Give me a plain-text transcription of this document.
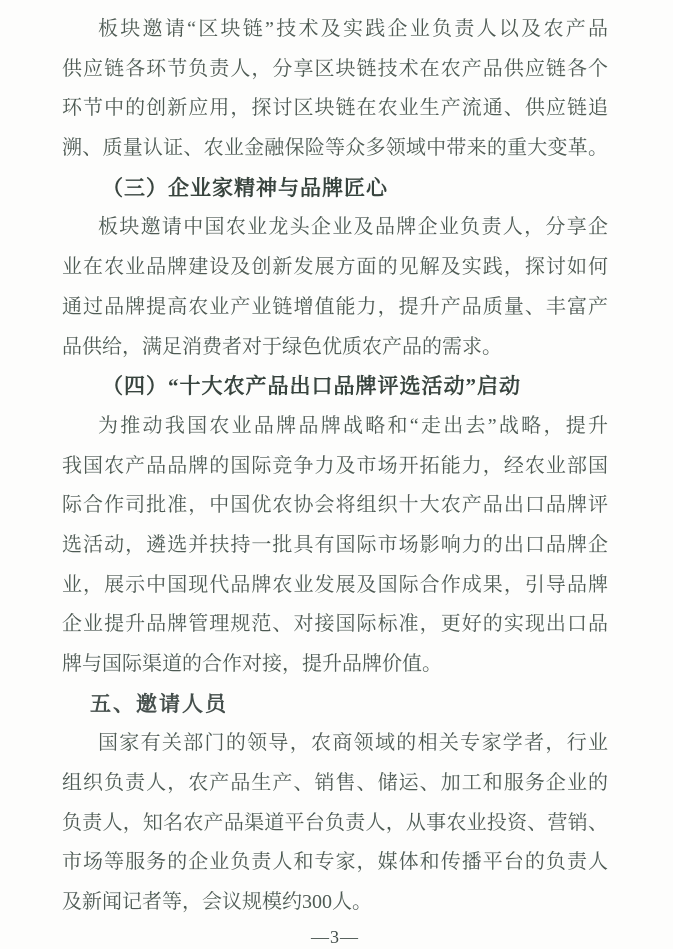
板块邀请“区块链”技术及实践企业负责人以及农产品

供应链各环节负责人，分享区块链技术在农产品供应链各个

环节中的创新应用，探讨区块链在农业生产流通、供应链追

溯、质量认证、农业金融保险等众多领域中带来的重大变革。

（三）企业家精神与品牌匠心

板块邀请中国农业龙头企业及品牌企业负责人，分享企

业在农业品牌建设及创新发展方面的见解及实践，探讨如何

通过品牌提高农业产业链增值能力，提升产品质量、丰富产

品供给，满足消费者对于绿色优质农产品的需求。

（四）“十大农产品出口品牌评选活动”启动

为推动我国农业品牌品牌战略和“走出去”战略，提升

我国农产品品牌的国际竞争力及市场开拓能力，经农业部国

际合作司批准，中国优农协会将组织十大农产品出口品牌评

选活动，遴选并扶持一批具有国际市场影响力的出口品牌企

业，展示中国现代品牌农业发展及国际合作成果，引导品牌

企业提升品牌管理规范、对接国际标准，更好的实现出口品

牌与国际渠道的合作对接，提升品牌价值。

五、邀请人员

国家有关部门的领导，农商领域的相关专家学者，行业

组织负责人，农产品生产、销售、储运、加工和服务企业的

负责人，知名农产品渠道平台负责人，从事农业投资、营销、

市场等服务的企业负责人和专家，媒体和传播平台的负责人

及新闻记者等，会议规模约300人。

—3—
